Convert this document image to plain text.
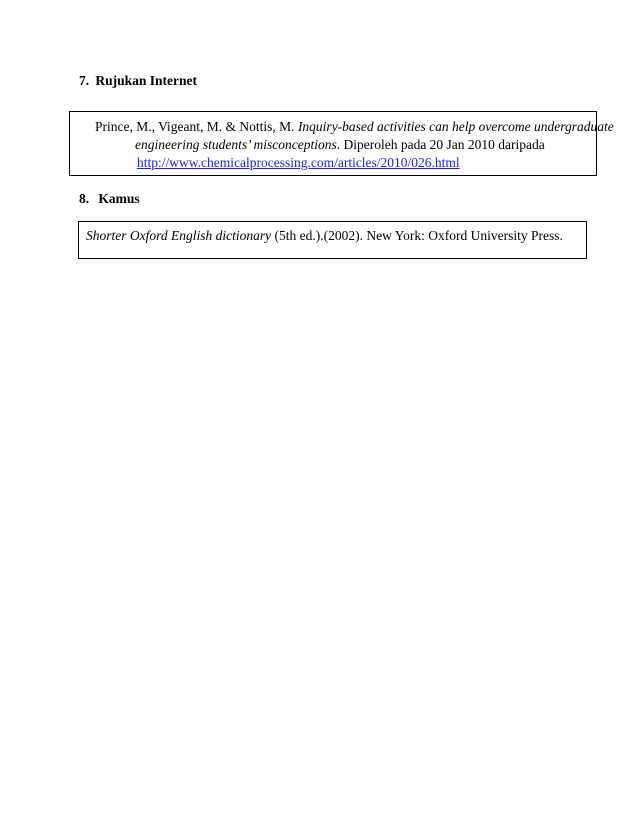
7. Rujukan Internet
Prince, M., Vigeant, M. & Nottis, M. Inquiry-based activities can help overcome undergraduate
engineering students’ misconceptions. Diperoleh pada 20 Jan 2010 daripada
http://www.chemicalprocessing.com/articles/2010/026.html
8. Kamus
Shorter Oxford English dictionary (5th ed.).(2002). New York: Oxford University Press.
